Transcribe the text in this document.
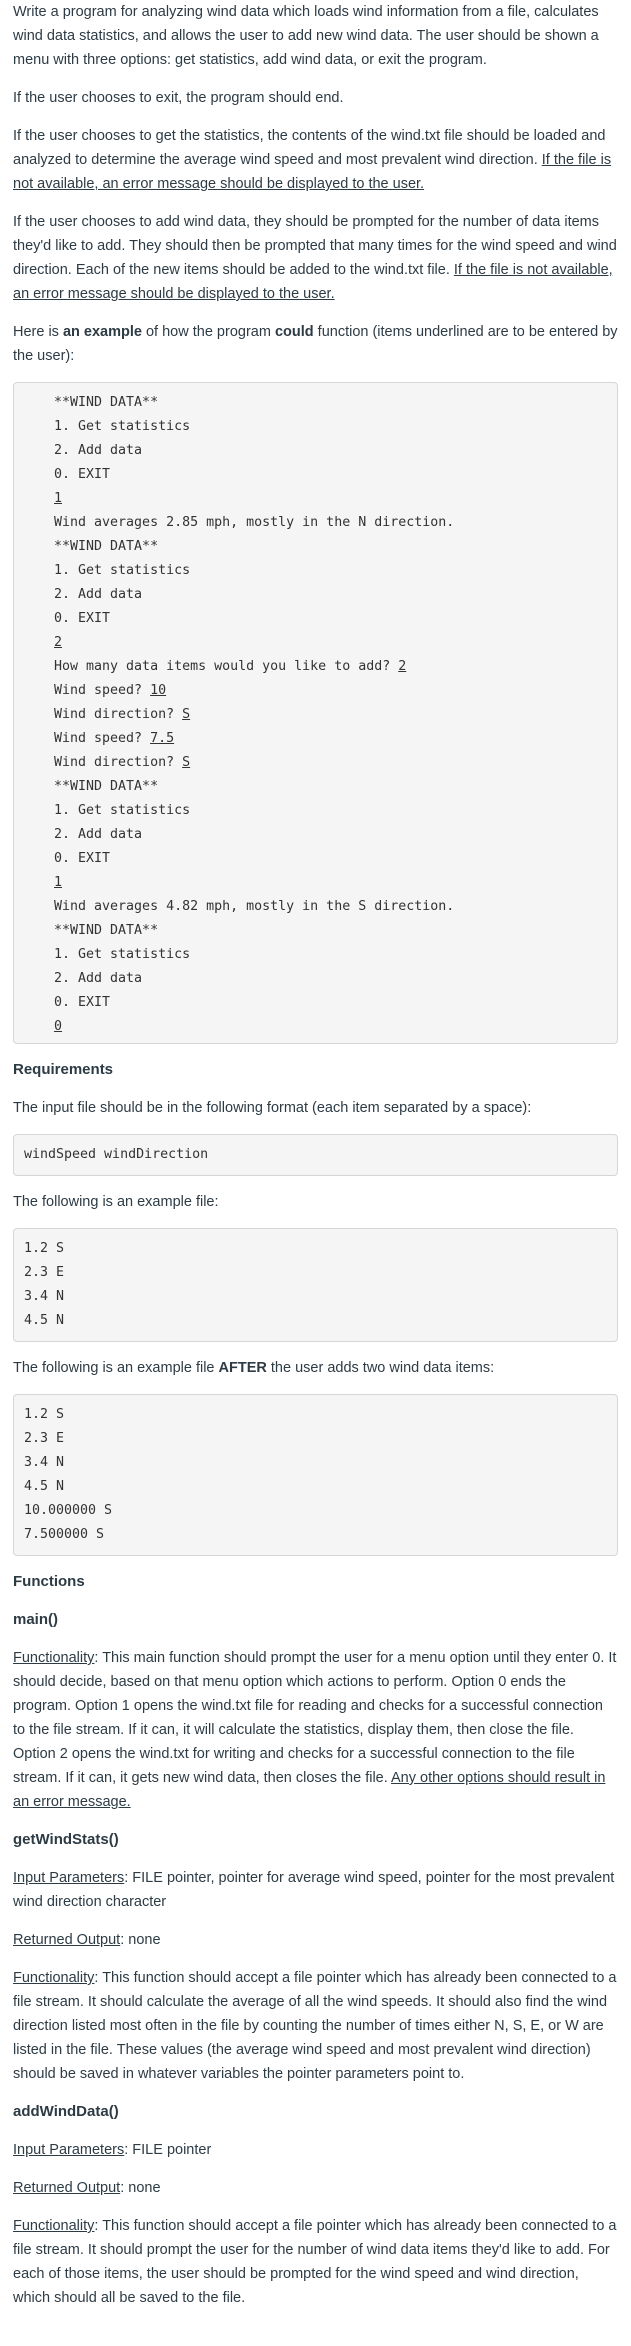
Write a program for analyzing wind data which loads wind information from a file, calculates wind data statistics, and allows the user to add new wind data. The user should be shown a menu with three options: get statistics, add wind data, or exit the program.

If the user chooses to exit, the program should end.

If the user chooses to get the statistics, the contents of the wind.txt file should be loaded and analyzed to determine the average wind speed and most prevalent wind direction. If the file is not available, an error message should be displayed to the user.

If the user chooses to add wind data, they should be prompted for the number of data items they'd like to add. They should then be prompted that many times for the wind speed and wind direction. Each of the new items should be added to the wind.txt file. If the file is not available, an error message should be displayed to the user.

Here is an example of how the program could function (items underlined are to be entered by the user):

**WIND DATA**
1. Get statistics
2. Add data
0. EXIT
1
Wind averages 2.85 mph, mostly in the N direction.
**WIND DATA**
1. Get statistics
2. Add data
0. EXIT
2
How many data items would you like to add? 2
Wind speed? 10
Wind direction? S
Wind speed? 7.5
Wind direction? S
**WIND DATA**
1. Get statistics
2. Add data
0. EXIT
1
Wind averages 4.82 mph, mostly in the S direction.
**WIND DATA**
1. Get statistics
2. Add data
0. EXIT
0
Requirements

The input file should be in the following format (each item separated by a space):

windSpeed windDirection

The following is an example file:

1.2 S
2.3 E
3.4 N
4.5 N

The following is an example file AFTER the user adds two wind data items:

1.2 S
2.3 E
3.4 N
4.5 N
10.000000 S
7.500000 S
Functions
main()

Functionality: This main function should prompt the user for a menu option until they enter 0. It should decide, based on that menu option which actions to perform. Option 0 ends the program. Option 1 opens the wind.txt file for reading and checks for a successful connection to the file stream. If it can, it will calculate the statistics, display them, then close the file. Option 2 opens the wind.txt for writing and checks for a successful connection to the file stream. If it can, it gets new wind data, then closes the file. Any other options should result in an error message.

getWindStats()

Input Parameters: FILE pointer, pointer for average wind speed, pointer for the most prevalent wind direction character

Returned Output: none

Functionality: This function should accept a file pointer which has already been connected to a file stream. It should calculate the average of all the wind speeds. It should also find the wind direction listed most often in the file by counting the number of times either N, S, E, or W are listed in the file. These values (the average wind speed and most prevalent wind direction) should be saved in whatever variables the pointer parameters point to.

addWindData()

Input Parameters: FILE pointer

Returned Output: none

Functionality: This function should accept a file pointer which has already been connected to a file stream. It should prompt the user for the number of wind data items they'd like to add. For each of those items, the user should be prompted for the wind speed and wind direction, which should all be saved to the file.
